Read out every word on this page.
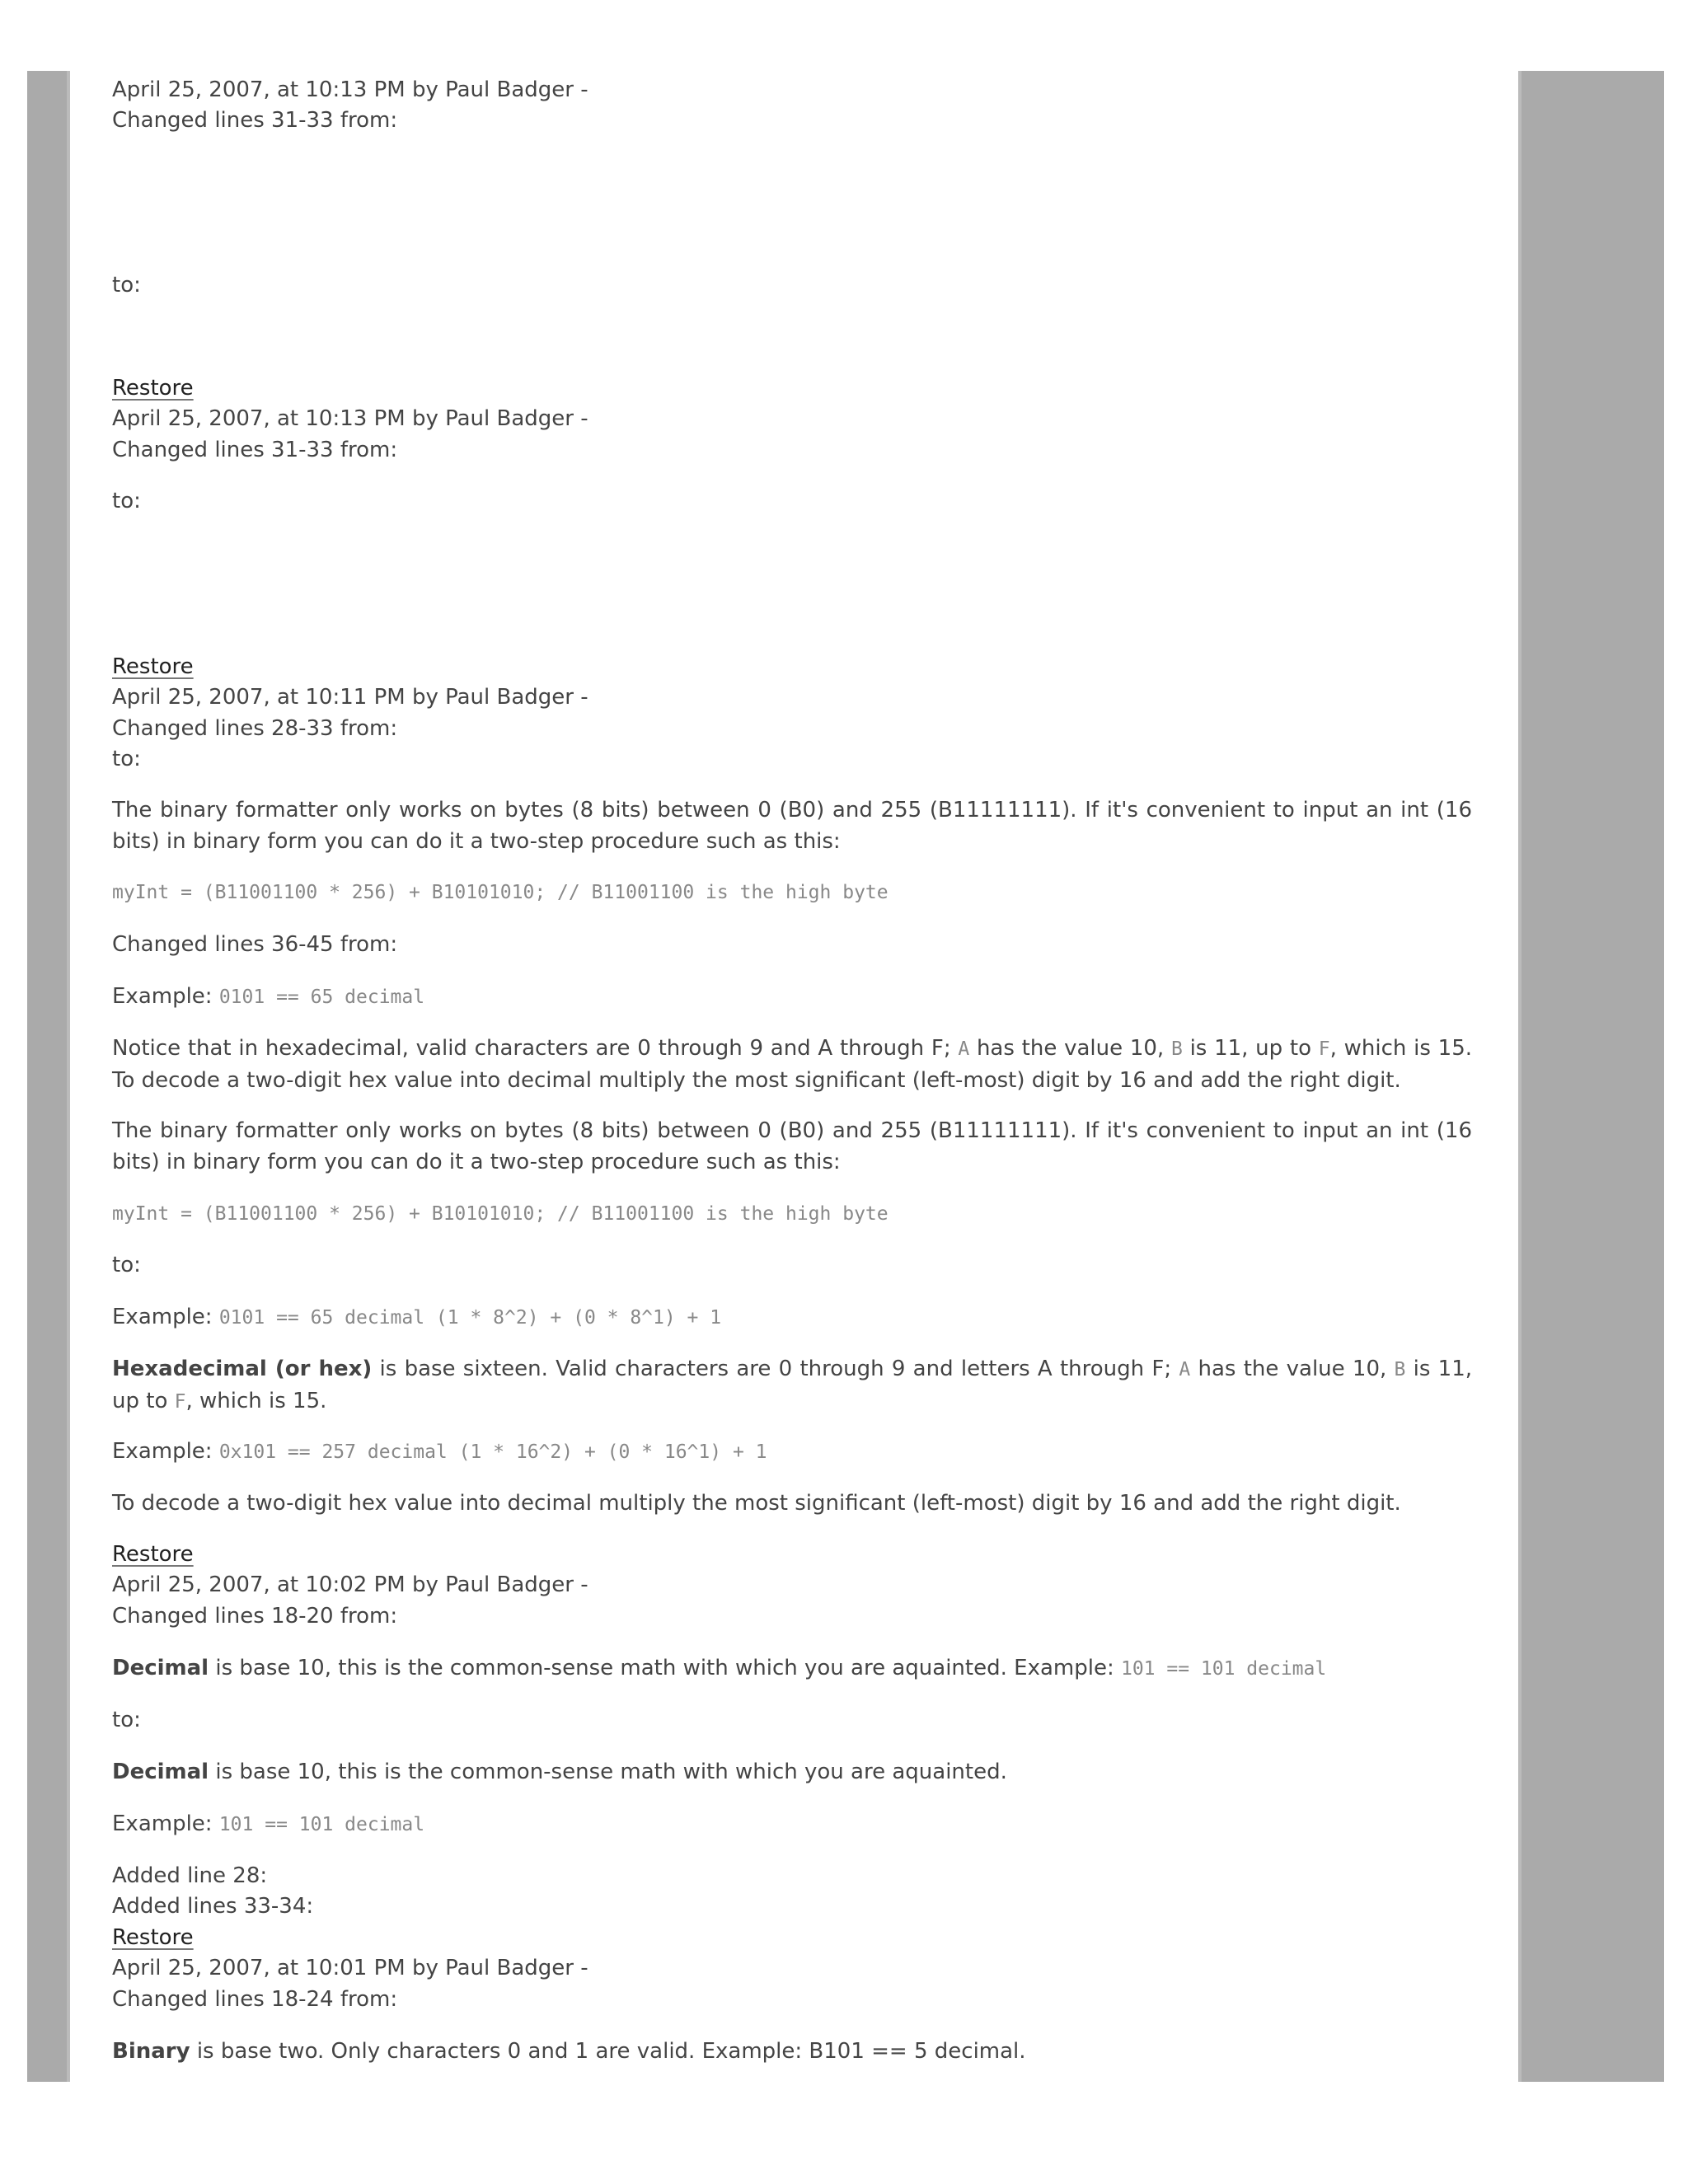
April 25, 2007, at 10:13 PM by Paul Badger -
Changed lines 31-33 from:
to:
Restore
April 25, 2007, at 10:13 PM by Paul Badger -
Changed lines 31-33 from:
to:
Restore
April 25, 2007, at 10:11 PM by Paul Badger -
Changed lines 28-33 from:
to:
The binary formatter only works on bytes (8 bits) between 0 (B0) and 255 (B11111111). If it's convenient to input an int (16 bits) in binary form you can do it a two-step procedure such as this:
myInt = (B11001100 * 256) + B10101010; // B11001100 is the high byte
Changed lines 36-45 from:
Example: 0101 == 65 decimal
Notice that in hexadecimal, valid characters are 0 through 9 and A through F; A has the value 10, B is 11, up to F, which is 15. To decode a two-digit hex value into decimal multiply the most significant (left-most) digit by 16 and add the right digit.
The binary formatter only works on bytes (8 bits) between 0 (B0) and 255 (B11111111). If it's convenient to input an int (16 bits) in binary form you can do it a two-step procedure such as this:
myInt = (B11001100 * 256) + B10101010; // B11001100 is the high byte
to:
Example: 0101 == 65 decimal (1 * 8^2) + (0 * 8^1) + 1
Hexadecimal (or hex) is base sixteen. Valid characters are 0 through 9 and letters A through F; A has the value 10, B is 11, up to F, which is 15.
Example: 0x101 == 257 decimal (1 * 16^2) + (0 * 16^1) + 1
To decode a two-digit hex value into decimal multiply the most significant (left-most) digit by 16 and add the right digit.
Restore
April 25, 2007, at 10:02 PM by Paul Badger -
Changed lines 18-20 from:
Decimal is base 10, this is the common-sense math with which you are aquainted. Example: 101 == 101 decimal
to:
Decimal is base 10, this is the common-sense math with which you are aquainted.
Example: 101 == 101 decimal
Added line 28:
Added lines 33-34:
Restore
April 25, 2007, at 10:01 PM by Paul Badger -
Changed lines 18-24 from:
Binary is base two. Only characters 0 and 1 are valid. Example: B101 == 5 decimal.
